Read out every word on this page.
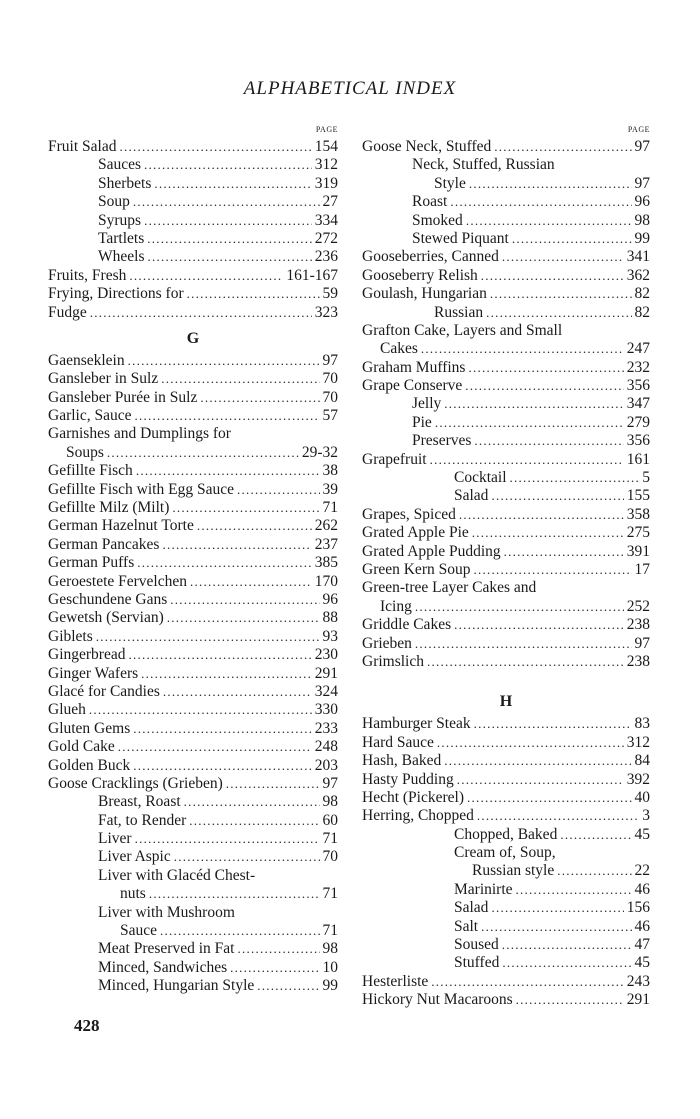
ALPHABETICAL INDEX
PAGE
Fruit Salad . . .	154
Sauces . . .	312
Sherbets . . .	319
Soup . . .	27
Syrups . . .	334
Tartlets . . .	272
Wheels . . .	236
Fruits, Fresh . . .	161-167
Frying, Directions for . . .	59
Fudge . . .	323
G
Gaenseklein . . .	97
Gansleber in Sulz . . .	70
Gansleber Purée in Sulz . . .	70
Garlic, Sauce . . .	57
Garnishes and Dumplings for
Soups . . .	29-32
Gefillte Fisch . . .	38
Gefillte Fisch with Egg Sauce . . .	39
Gefillte Milz (Milt) . . .	71
German Hazelnut Torte . . .	262
German Pancakes . . .	237
German Puffs . . .	385
Geroestete Fervelchen . . .	170
Geschundene Gans . . .	96
Gewetsh (Servian) . . .	88
Giblets . . .	93
Gingerbread . . .	230
Ginger Wafers . . .	291
Glacé for Candies . . .	324
Glueh . . .	330
Gluten Gems . . .	233
Gold Cake . . .	248
Golden Buck . . .	203
Goose Cracklings (Grieben) . . .	97
Breast, Roast . . .	98
Fat, to Render . . .	60
Liver . . .	71
Liver Aspic . . .	70
Liver with Glacéd Chest-
nuts . . .	71
Liver with Mushroom
Sauce . . .	71
Meat Preserved in Fat . . .	98
Minced, Sandwiches . . .	10
Minced, Hungarian Style . . .	99
PAGE
Goose Neck, Stuffed . . .	97
Neck, Stuffed, Russian
Style . . .	97
Roast . . .	96
Smoked . . .	98
Stewed Piquant . . .	99
Gooseberries, Canned . . .	341
Gooseberry Relish . . .	362
Goulash, Hungarian . . .	82
Russian . . .	82
Grafton Cake, Layers and Small
Cakes . . .	247
Graham Muffins . . .	232
Grape Conserve . . .	356
Jelly . . .	347
Pie . . .	279
Preserves . . .	356
Grapefruit . . .	161
Cocktail . . .	5
Salad . . .	155
Grapes, Spiced . . .	358
Grated Apple Pie . . .	275
Grated Apple Pudding . . .	391
Green Kern Soup . . .	17
Green-tree Layer Cakes and
Icing . . .	252
Griddle Cakes . . .	238
Grieben . . .	97
Grimslich . . .	238
H
Hamburger Steak . . .	83
Hard Sauce . . .	312
Hash, Baked . . .	84
Hasty Pudding . . .	392
Hecht (Pickerel) . . .	40
Herring, Chopped . . .	3
Chopped, Baked . . .	45
Cream of, Soup,
Russian style . . .	22
Marinirte . . .	46
Salad . . .	156
Salt . . .	46
Soused . . .	47
Stuffed . . .	45
Hesterliste . . .	243
Hickory Nut Macaroons . . .	291
428
